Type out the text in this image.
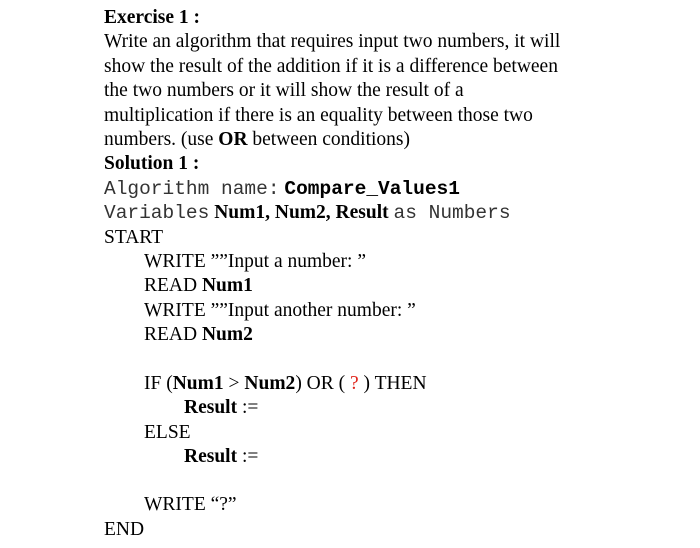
Exercise 1 :
Write an algorithm that requires input two numbers, it will
show the result of the addition if it is a difference between
the two numbers or it will show the result of a
multiplication if there is an equality between those two
numbers. (use OR between conditions)
Solution 1 :
Algorithm name: Compare_Values1
Variables Num1, Num2, Result as Numbers
START
WRITE ””Input a number: ”
READ Num1
WRITE ””Input another number: ”
READ Num2
IF (Num1 > Num2) OR ( ? ) THEN
Result :=
ELSE
Result :=
WRITE “?”
END
